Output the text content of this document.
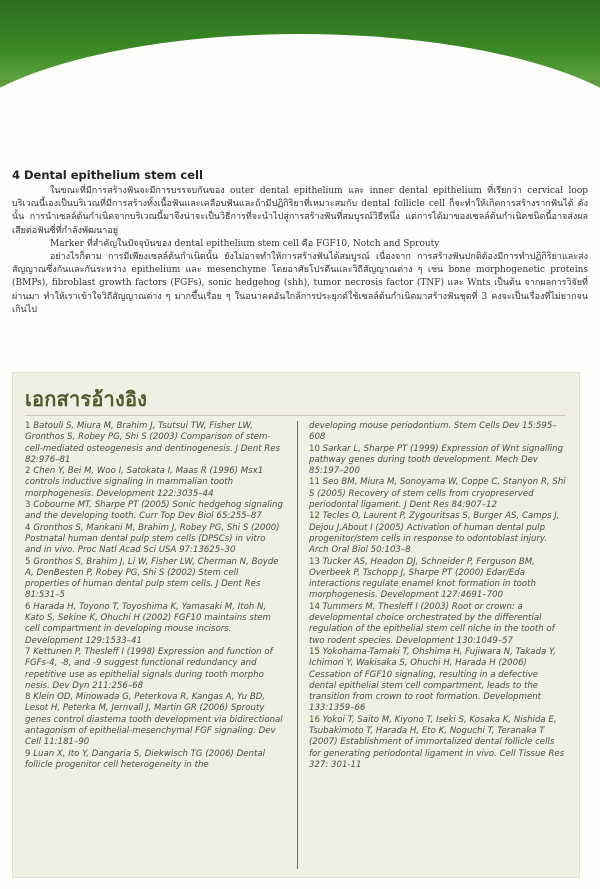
4 Dental epithelium stem cell

ในขณะที่มีการสร้างฟันจะมีการบรรจบกันของ outer dental epithelium และ inner dental epithelium ที่เรียกว่า cervical loop บริเวณนี้เองเป็นบริเวณที่มีการสร้างทั้งเนื้อฟันและเคลือบฟันและถ้ามีปฏิกิริยาที่เหมาะสมกับ dental follicle cell ก็จะทำให้เกิดการสร้างรากฟันได้ ดังนั้น การนำเซลล์ต้นกำเนิดจากบริเวณนี้มาจึงน่าจะเป็นวิธีการที่จะนำไปสู่การสร้างฟันที่สมบูรณ์วิธีหนึ่ง แต่การได้มาของเซลล์ต้นกำเนิดชนิดนี้อาจส่งผลเสียต่อฟันซี่ที่กำลังพัฒนาอยู่

Marker ที่สำคัญในปัจจุบันของ dental epithelium stem cell คือ FGF10, Notch and Sprouty

อย่างไรก็ตาม การมีเพียงเซลล์ต้นกำเนิดนั้น ยังไม่อาจทำให้การสร้างฟันได้สมบูรณ์ เนื่องจาก การสร้างฟันปกติต้องมีการทำปฏิกิริยาและส่งสัญญาณซึ่งกันและกันระหว่าง epithelium และ mesenchyme โดยอาศัยโปรตีนและวิถีสัญญาณต่าง ๆ เช่น bone morphogenetic proteins (BMPs), fibroblast growth factors (FGFs), sonic hedgehog (shh), tumor necrosis factor (TNF) และ Wnts เป็นต้น จากผลการวิจัยที่ผ่านมา ทำให้เราเข้าใจวิถีสัญญาณต่าง ๆ มากขึ้นเรื่อย ๆ ในอนาคตอันใกล้การประยุกต์ใช้เซลล์ต้นกำเนิดมาสร้างฟันชุดที่ 3 คงจะเป็นเรื่องที่ไม่ยากจนเกินไป

เอกสารอ้างอิง

1 Batouli S, Miura M, Brahim J, Tsutsui TW, Fisher LW, Gronthos S, Robey PG, Shi S (2003) Comparison of stem-cell-mediated osteogenesis and dentinogenesis. J Dent Res 82:976–81

2 Chen Y, Bei M, Woo I, Satokata I, Maas R (1996) Msx1 controls inductive signaling in mammalian tooth morphogenesis. Development 122:3035–44

3 Cobourne MT, Sharpe PT (2005) Sonic hedgehog signaling and the developing tooth. Curr Top Dev Biol 65:255–87

4 Gronthos S, Mankani M, Brahim J, Robey PG, Shi S (2000) Postnatal human dental pulp stem cells (DPSCs) in vitro and in vivo. Proc Natl Acad Sci USA 97:13625–30

5 Gronthos S, Brahim J, Li W, Fisher LW, Cherman N, Boyde A, DenBesten P, Robey PG, Shi S (2002) Stem cell properties of human dental pulp stem cells. J Dent Res 81:531–5

6 Harada H, Toyono T, Toyoshima K, Yamasaki M, Itoh N, Kato S, Sekine K, Ohuchi H (2002) FGF10 maintains stem cell compartment in developing mouse incisors. Development 129:1533–41

7 Kettunen P, Thesleff I (1998) Expression and function of FGFs-4, -8, and -9 suggest functional redundancy and repetitive use as epithelial signals during tooth morpho nesis. Dev Dyn 211:256–68

8 Klein OD, Minowada G, Peterkova R, Kangas A, Yu BD, Lesot H, Peterka M, Jernvall J, Martin GR (2006) Sprouty genes control diastema tooth development via bidirectional antagonism of epithelial-mesenchymal FGF signaling. Dev Cell 11:181–90

9 Luan X, Ito Y, Dangaria S, Diekwisch TG (2006) Dental follicle progenitor cell heterogeneity in the

developing mouse periodontium. Stem Cells Dev 15:595–608

10 Sarkar L, Sharpe PT (1999) Expression of Wnt signalling pathway genes during tooth development. Mech Dev 85:197–200

11 Seo BM, Miura M, Sonoyama W, Coppe C, Stanyon R, Shi S (2005) Recovery of stem cells from cryopreserved periodontal ligament. J Dent Res 84:907–12

12 Tecles O, Laurent P, Zygouritsas S, Burger AS, Camps J, Dejou J,About I (2005) Activation of human dental pulp progenitor/stem cells in response to odontoblast injury. Arch Oral Biol 50:103–8

13 Tucker AS, Headon DJ, Schneider P, Ferguson BM, Overbeek P, Tschopp J, Sharpe PT (2000) Edar/Eda interactions regulate enamel knot formation in tooth morphogenesis. Development 127:4691–700

14 Tummers M, Thesleff I (2003) Root or crown: a developmental choice orchestrated by the differential regulation of the epithelial stem cell niche in the tooth of two rodent species. Development 130:1049–57

15 Yokohama-Tamaki T, Ohshima H, Fujiwara N, Takada Y, Ichimori Y, Wakisaka S, Ohuchi H, Harada H (2006) Cessation of FGF10 signaling, resulting in a defective dental epithelial stem cell compartment, leads to the transition from crown to root formation. Development 133:1359–66

16 Yokoi T, Saito M, Kiyono T, Iseki S, Kosaka K, Nishida E, Tsubakimoto T, Harada H, Eto K, Noguchi T, Teranaka T (2007) Establishment of immortalized dental follicle cells for generating periodontal ligament in vivo. Cell Tissue Res 327: 301-11
